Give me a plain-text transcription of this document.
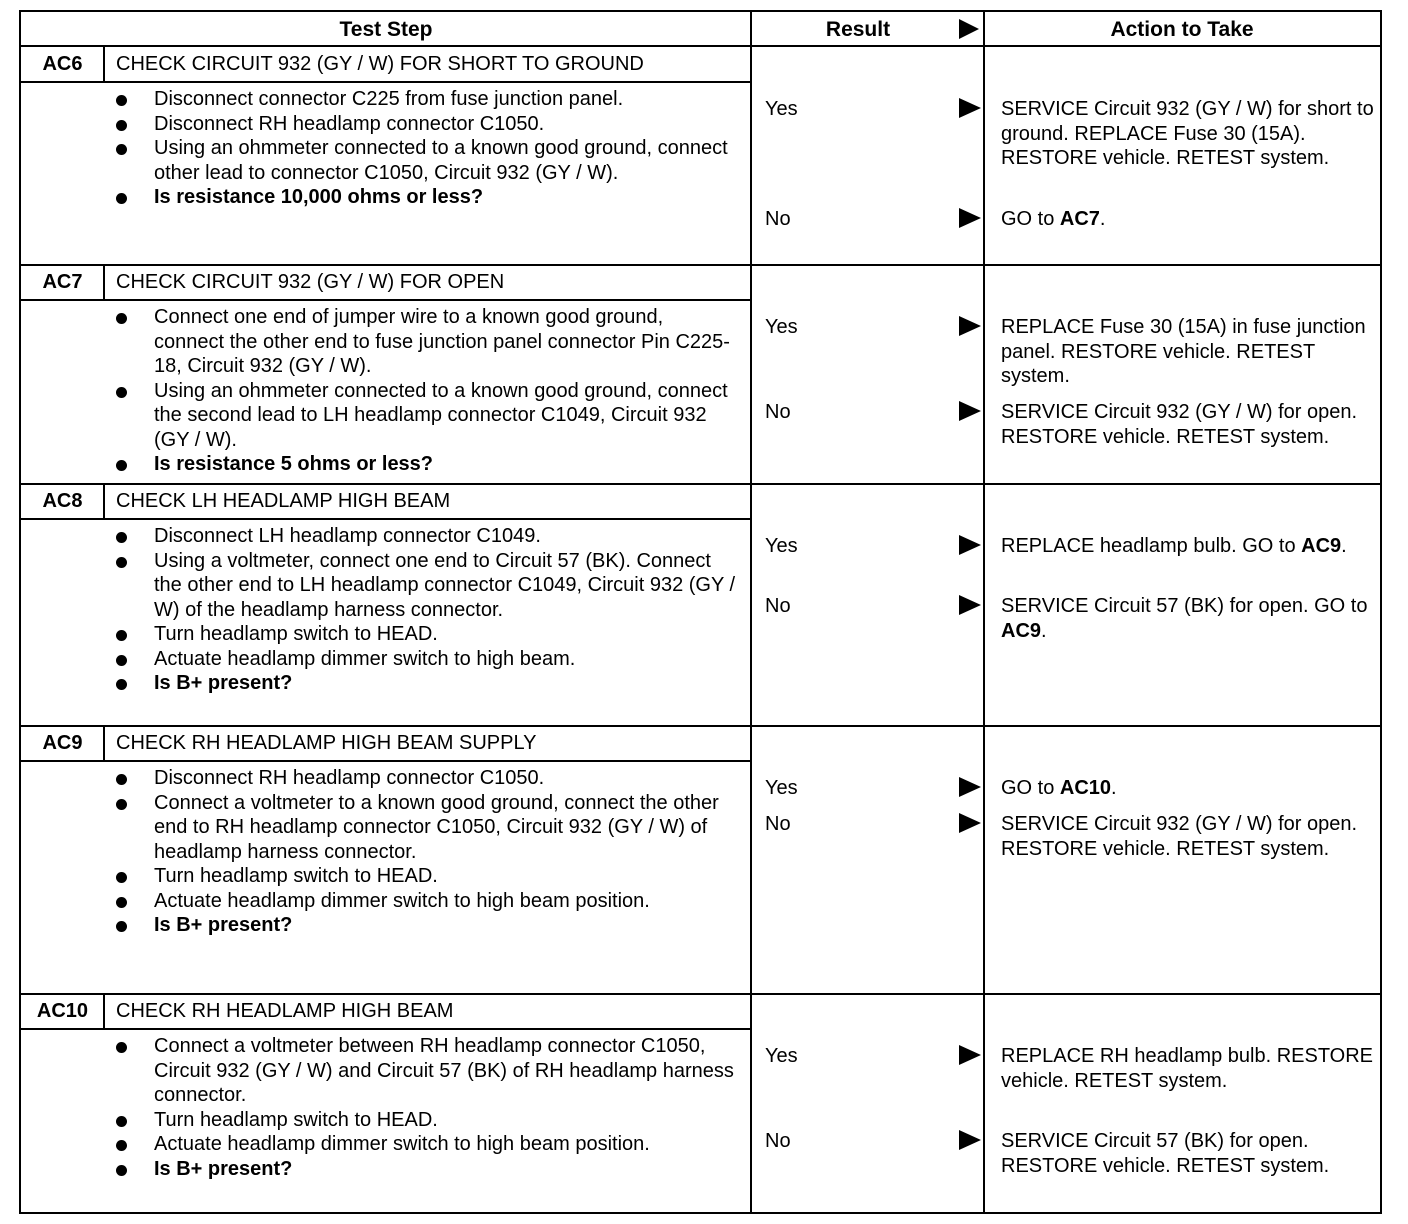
Test Step	Result	Action to Take
AC6	CHECK CIRCUIT 932 (GY / W) FOR SHORT TO GROUND
Disconnect connector C225 from fuse junction panel.
Disconnect RH headlamp connector C1050.
Using an ohmmeter connected to a known good ground, connect other lead to connector C1050, Circuit 932 (GY / W).
Is resistance 10,000 ohms or less?
Yes	SERVICE Circuit 932 (GY / W) for short to ground. REPLACE Fuse 30 (15A). RESTORE vehicle. RETEST system.
No	GO to AC7.
AC7	CHECK CIRCUIT 932 (GY / W) FOR OPEN
Connect one end of jumper wire to a known good ground, connect the other end to fuse junction panel connector Pin C225-18, Circuit 932 (GY / W).
Using an ohmmeter connected to a known good ground, connect the second lead to LH headlamp connector C1049, Circuit 932 (GY / W).
Is resistance 5 ohms or less?
Yes	REPLACE Fuse 30 (15A) in fuse junction panel. RESTORE vehicle. RETEST system.
No	SERVICE Circuit 932 (GY / W) for open. RESTORE vehicle. RETEST system.
AC8	CHECK LH HEADLAMP HIGH BEAM
Disconnect LH headlamp connector C1049.
Using a voltmeter, connect one end to Circuit 57 (BK). Connect the other end to LH headlamp connector C1049, Circuit 932 (GY / W) of the headlamp harness connector.
Turn headlamp switch to HEAD.
Actuate headlamp dimmer switch to high beam.
Is B+ present?
Yes	REPLACE headlamp bulb. GO to AC9.
No	SERVICE Circuit 57 (BK) for open. GO to AC9.
AC9	CHECK RH HEADLAMP HIGH BEAM SUPPLY
Disconnect RH headlamp connector C1050.
Connect a voltmeter to a known good ground, connect the other end to RH headlamp connector C1050, Circuit 932 (GY / W) of headlamp harness connector.
Turn headlamp switch to HEAD.
Actuate headlamp dimmer switch to high beam position.
Is B+ present?
Yes	GO to AC10.
No	SERVICE Circuit 932 (GY / W) for open. RESTORE vehicle. RETEST system.
AC10	CHECK RH HEADLAMP HIGH BEAM
Connect a voltmeter between RH headlamp connector C1050, Circuit 932 (GY / W) and Circuit 57 (BK) of RH headlamp harness connector.
Turn headlamp switch to HEAD.
Actuate headlamp dimmer switch to high beam position.
Is B+ present?
Yes	REPLACE RH headlamp bulb. RESTORE vehicle. RETEST system.
No	SERVICE Circuit 57 (BK) for open. RESTORE vehicle. RETEST system.
